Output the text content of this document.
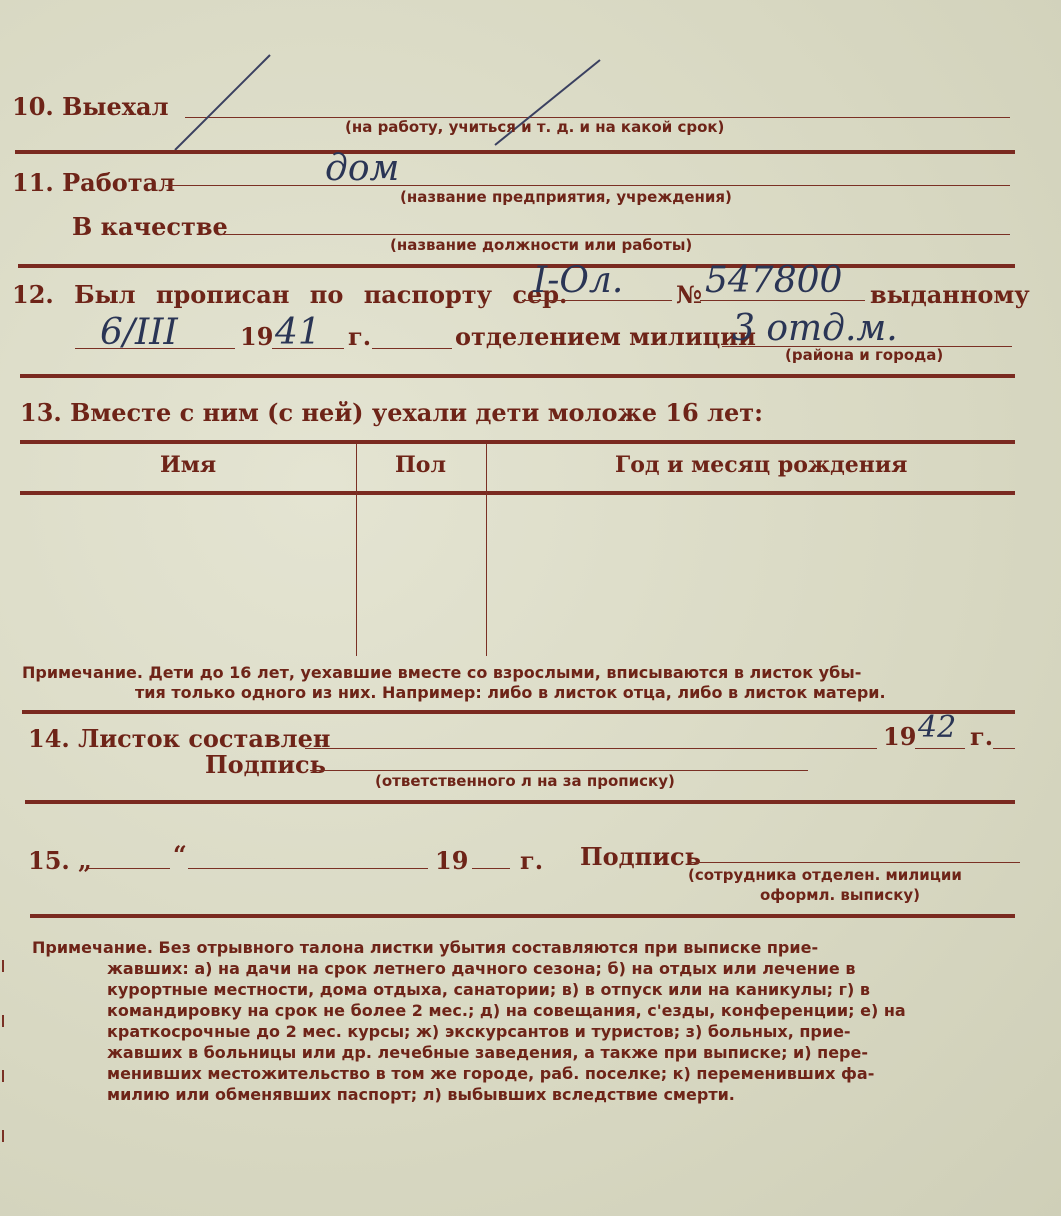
10. Выехал
(на работу, учиться и т. д. и на какой срок)
11. Работал	дом
(название предприятия, учреждения)
В качестве
(название должности или работы)
12. Был прописан по паспорту сер.
I-Ол. № 547800 выданному
6/III	19 41 г.	отделением милиции
3 отд.м.
(района и города)
13. Вместе с ним (с ней) уехали дети моложе 16 лет:
Имя	Пол	Год и месяц рождения
Примечание. Дети до 16 лет, уехавшие вместе со взрослыми, вписываются в листок убы-
тия только одного из них. Например: либо в листок отца, либо в листок матери.
14. Листок составлен	19 42 г.
Подпись
(ответственного л на за прописку)
15. „	“	19 г. Подпись
(сотрудника отделен. милиции
оформл. выписку)
Примечание. Без отрывного талона листки убытия составляются при выписке прие-
жавших: а) на дачи на срок летнего дачного сезона; б) на отдых или лечение в
курортные местности, дома отдыха, санатории; в) в отпуск или на каникулы; г) в
командировку на срок не более 2 мес.; д) на совещания, с'езды, конференции; е) на
краткосрочные до 2 мес. курсы; ж) экскурсантов и туристов; з) больных, прие-
жавших в больницы или др. лечебные заведения, а также при выписке; и) пере-
менивших местожительство в том же городе, раб. поселке; к) переменивших фа-
милию или обменявших паспорт; л) выбывших вследствие смерти.
